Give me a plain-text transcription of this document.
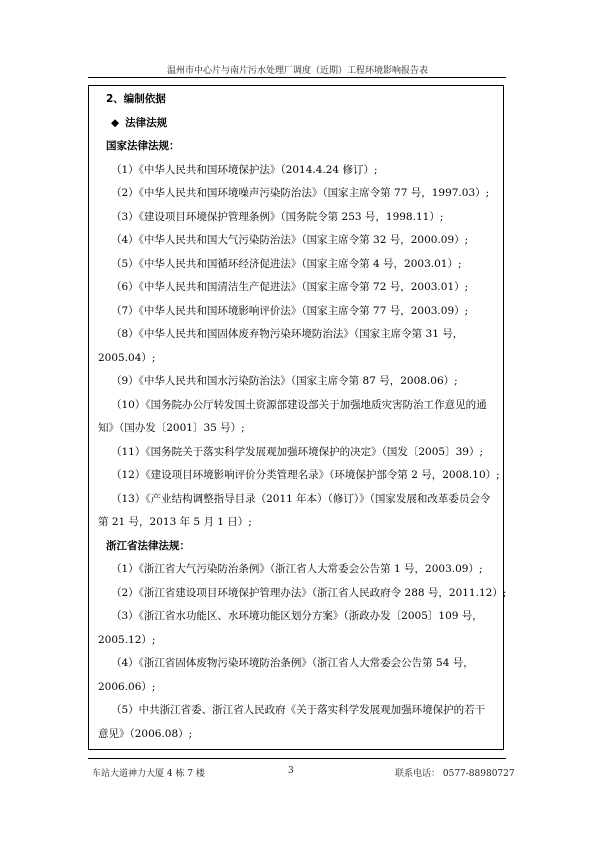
温州市中心片与南片污水处理厂调度（近期）工程环境影响报告表
2、编制依据
◆ 法律法规
国家法律法规：
（1）《中华人民共和国环境保护法》（2014.4.24 修订）;
（2）《中华人民共和国环境噪声污染防治法》（国家主席令第 77 号，1997.03）;
（3）《建设项目环境保护管理条例》（国务院令第 253 号，1998.11）;
（4）《中华人民共和国大气污染防治法》（国家主席令第 32 号，2000.09）;
（5）《中华人民共和国循环经济促进法》（国家主席令第 4 号，2003.01）;
（6）《中华人民共和国清洁生产促进法》（国家主席令第 72 号，2003.01）;
（7）《中华人民共和国环境影响评价法》（国家主席令第 77 号，2003.09）;
（8）《中华人民共和国固体废弃物污染环境防治法》（国家主席令第 31 号，
2005.04）;
（9）《中华人民共和国水污染防治法》（国家主席令第 87 号，2008.06）;
（10）《国务院办公厅转发国土资源部建设部关于加强地质灾害防治工作意见的通
知》（国办发〔2001〕35 号）;
（11）《国务院关于落实科学发展观加强环境保护的决定》（国发〔2005〕39）;
（12）《建设项目环境影响评价分类管理名录》（环境保护部令第 2 号，2008.10）;
（13）《产业结构调整指导目录（2011 年本）（修订）》（国家发展和改革委员会令
第 21 号，2013 年 5 月 1 日）;
浙江省法律法规：
（1）《浙江省大气污染防治条例》（浙江省人大常委会公告第 1 号，2003.09）;
（2）《浙江省建设项目环境保护管理办法》（浙江省人民政府令 288 号，2011.12）;
（3）《浙江省水功能区、水环境功能区划分方案》（浙政办发〔2005〕109 号，
2005.12）;
（4）《浙江省固体废物污染环境防治条例》（浙江省人大常委会公告第 54 号，
2006.06）;
（5）中共浙江省委、浙江省人民政府《关于落实科学发展观加强环境保护的若干
意见》（2006.08）;
车站大道神力大厦 4 栋 7 楼	3	联系电话： 0577-88980727
